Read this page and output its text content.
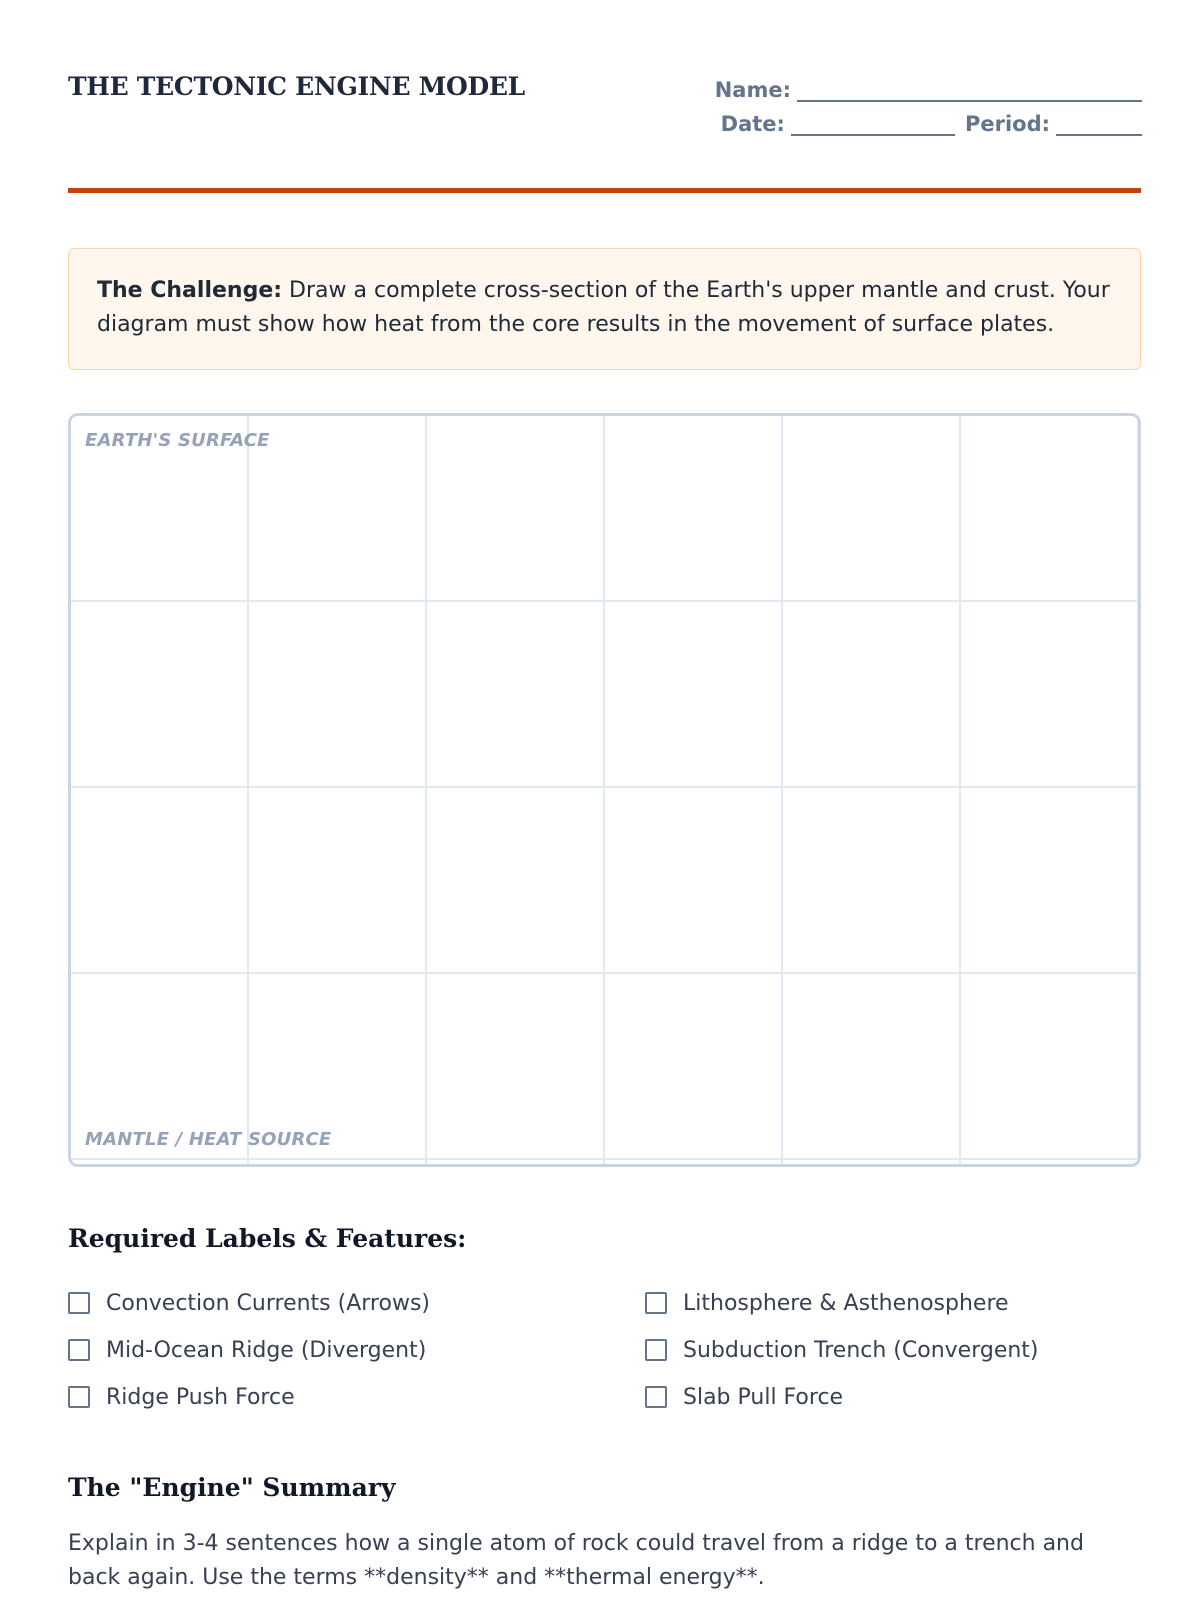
THE TECTONIC ENGINE MODEL	Name:
Date:	Period:
The Challenge: Draw a complete cross-section of the Earth's upper mantle and crust. Your diagram must show how heat from the core results in the movement of surface plates.
EARTH'S SURFACE
MANTLE / HEAT SOURCE
Required Labels & Features:
Convection Currents (Arrows)	Lithosphere & Asthenosphere
Mid-Ocean Ridge (Divergent)	Subduction Trench (Convergent)
Ridge Push Force	Slab Pull Force
The "Engine" Summary

Explain in 3-4 sentences how a single atom of rock could travel from a ridge to a trench and back again. Use the terms **density** and **thermal energy**.
